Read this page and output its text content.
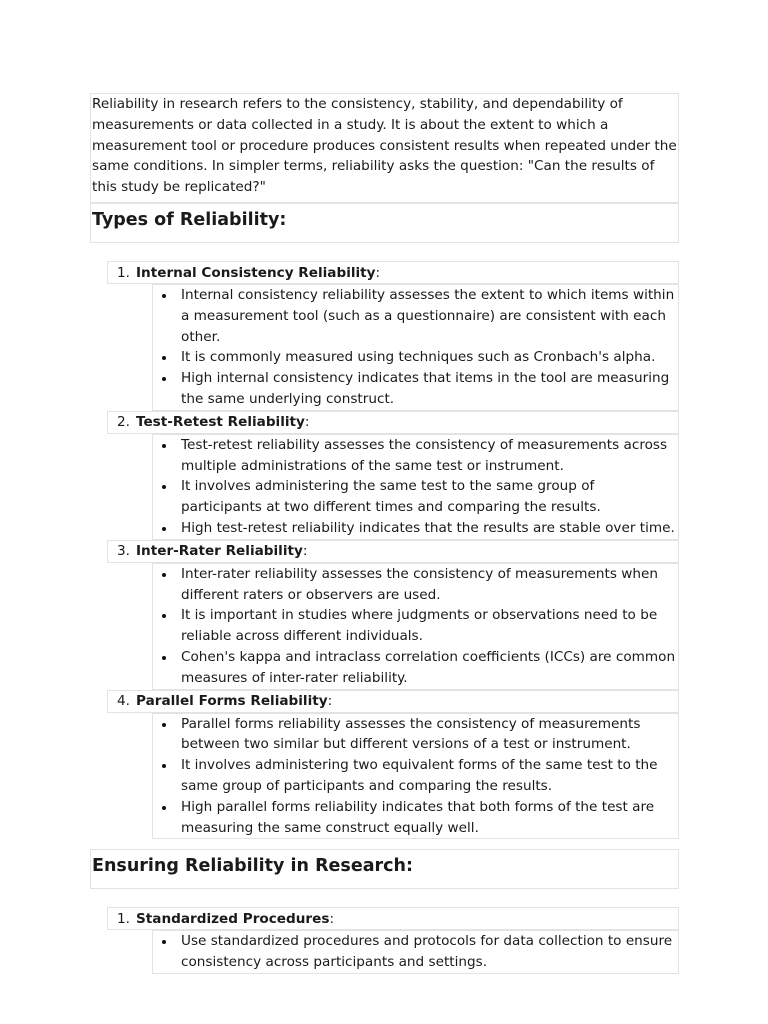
Reliability in research refers to the consistency, stability, and dependability of measurements or data collected in a study. It is about the extent to which a measurement tool or procedure produces consistent results when repeated under the same conditions. In simpler terms, reliability asks the question: "Can the results of this study be replicated?"

Types of Reliability:
1. Internal Consistency Reliability :
Internal consistency reliability assesses the extent to which items within a measurement tool (such as a questionnaire) are consistent with each other.
It is commonly measured using techniques such as Cronbach's alpha.
High internal consistency indicates that items in the tool are measuring the same underlying construct.
2. Test-Retest Reliability :
Test-retest reliability assesses the consistency of measurements across multiple administrations of the same test or instrument.
It involves administering the same test to the same group of participants at two different times and comparing the results.
High test-retest reliability indicates that the results are stable over time.
3. Inter-Rater Reliability :
Inter-rater reliability assesses the consistency of measurements when different raters or observers are used.
It is important in studies where judgments or observations need to be reliable across different individuals.
Cohen's kappa and intraclass correlation coefficients (ICCs) are common measures of inter-rater reliability.
4. Parallel Forms Reliability :
Parallel forms reliability assesses the consistency of measurements between two similar but different versions of a test or instrument.
It involves administering two equivalent forms of the same test to the same group of participants and comparing the results.
High parallel forms reliability indicates that both forms of the test are measuring the same construct equally well.
Ensuring Reliability in Research:
1. Standardized Procedures :
Use standardized procedures and protocols for data collection to ensure consistency across participants and settings.
